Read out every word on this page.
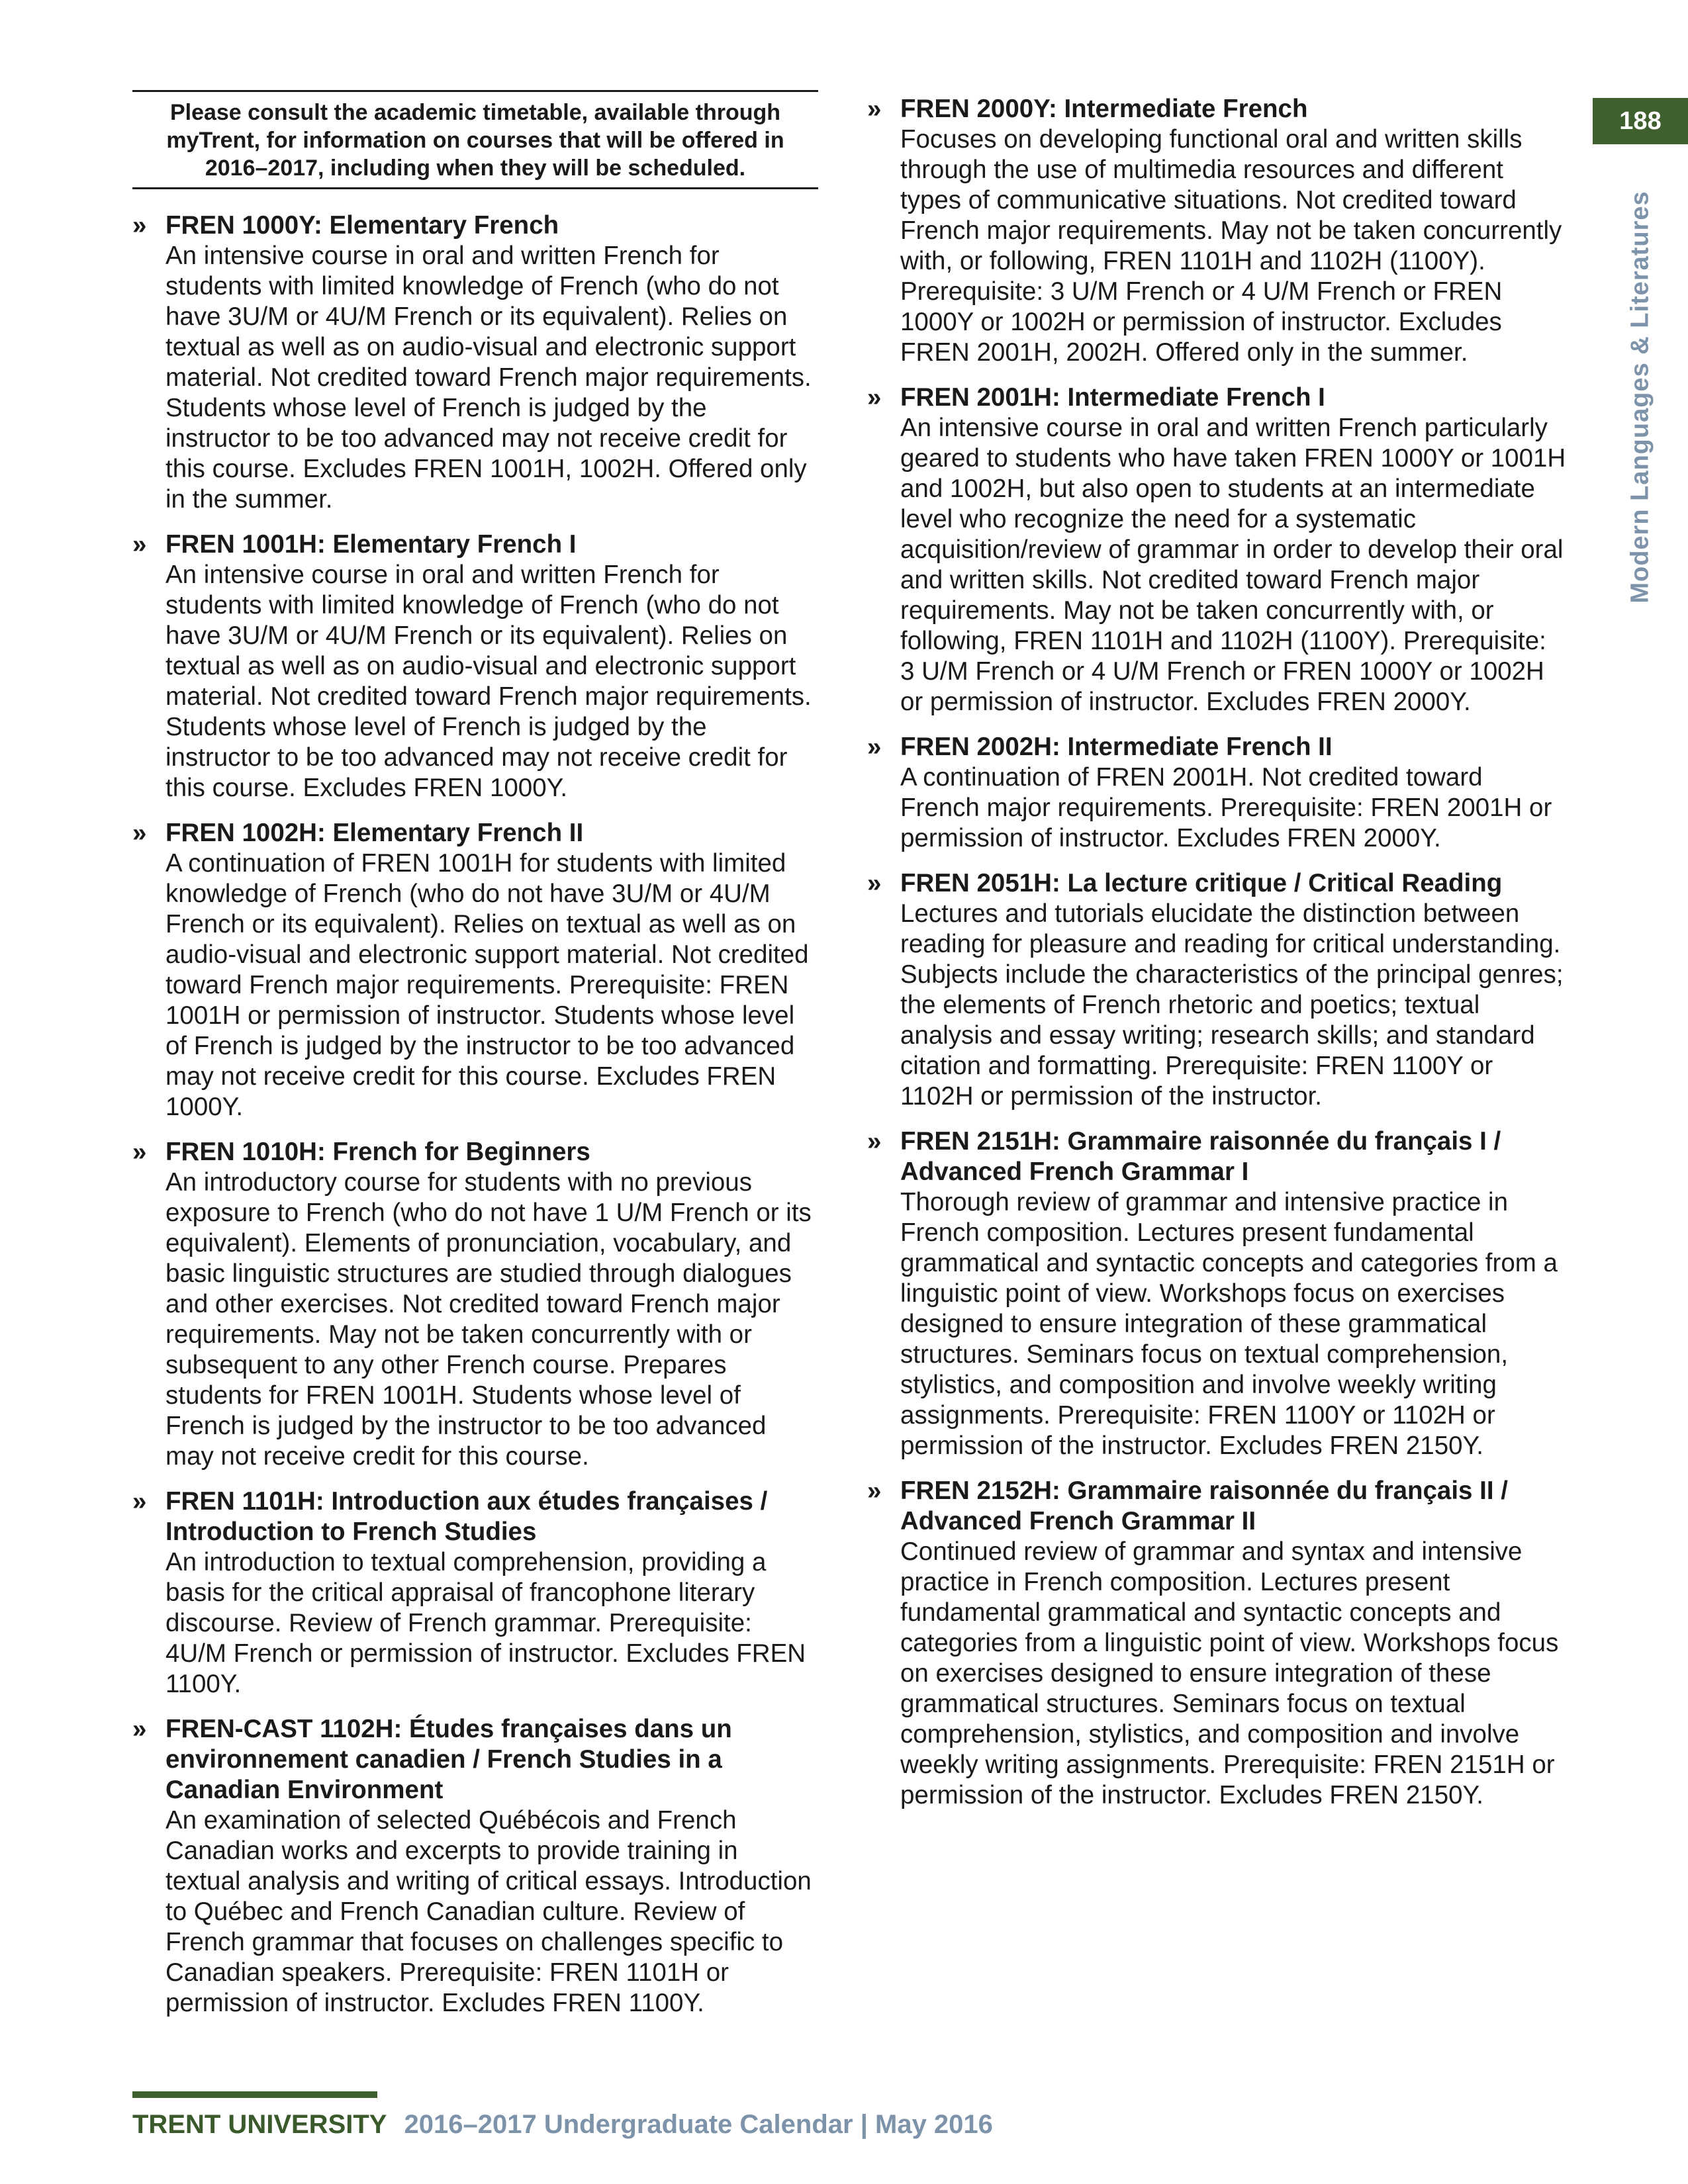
Please consult the academic timetable, available through myTrent, for information on courses that will be offered in 2016–2017, including when they will be scheduled.
188
Modern Languages & Literatures
» FREN 1000Y: Elementary French
An intensive course in oral and written French for students with limited knowledge of French (who do not have 3U/M or 4U/M French or its equivalent). Relies on textual as well as on audio-visual and electronic support material. Not credited toward French major requirements. Students whose level of French is judged by the instructor to be too advanced may not receive credit for this course. Excludes FREN 1001H, 1002H. Offered only in the summer.
» FREN 1001H: Elementary French I
An intensive course in oral and written French for students with limited knowledge of French (who do not have 3U/M or 4U/M French or its equivalent). Relies on textual as well as on audio-visual and electronic support material. Not credited toward French major requirements. Students whose level of French is judged by the instructor to be too advanced may not receive credit for this course. Excludes FREN 1000Y.
» FREN 1002H: Elementary French II
A continuation of FREN 1001H for students with limited knowledge of French (who do not have 3U/M or 4U/M French or its equivalent). Relies on textual as well as on audio-visual and electronic support material. Not credited toward French major requirements. Prerequisite: FREN 1001H or permission of instructor. Students whose level of French is judged by the instructor to be too advanced may not receive credit for this course. Excludes FREN 1000Y.
» FREN 1010H: French for Beginners
An introductory course for students with no previous exposure to French (who do not have 1 U/M French or its equivalent). Elements of pronunciation, vocabulary, and basic linguistic structures are studied through dialogues and other exercises. Not credited toward French major requirements. May not be taken concurrently with or subsequent to any other French course. Prepares students for FREN 1001H. Students whose level of French is judged by the instructor to be too advanced may not receive credit for this course.
» FREN 1101H: Introduction aux études françaises / Introduction to French Studies
An introduction to textual comprehension, providing a basis for the critical appraisal of francophone literary discourse. Review of French grammar. Prerequisite: 4U/M French or permission of instructor. Excludes FREN 1100Y.
» FREN-CAST 1102H: Études françaises dans un environnement canadien / French Studies in a Canadian Environment
An examination of selected Québécois and French Canadian works and excerpts to provide training in textual analysis and writing of critical essays. Introduction to Québec and French Canadian culture. Review of French grammar that focuses on challenges specific to Canadian speakers. Prerequisite: FREN 1101H or permission of instructor. Excludes FREN 1100Y.
» FREN 2000Y: Intermediate French
Focuses on developing functional oral and written skills through the use of multimedia resources and different types of communicative situations. Not credited toward French major requirements. May not be taken concurrently with, or following, FREN 1101H and 1102H (1100Y). Prerequisite: 3 U/M French or 4 U/M French or FREN 1000Y or 1002H or permission of instructor. Excludes FREN 2001H, 2002H. Offered only in the summer.
» FREN 2001H: Intermediate French I
An intensive course in oral and written French particularly geared to students who have taken FREN 1000Y or 1001H and 1002H, but also open to students at an intermediate level who recognize the need for a systematic acquisition/review of grammar in order to develop their oral and written skills. Not credited toward French major requirements. May not be taken concurrently with, or following, FREN 1101H and 1102H (1100Y). Prerequisite: 3 U/M French or 4 U/M French or FREN 1000Y or 1002H or permission of instructor. Excludes FREN 2000Y.
» FREN 2002H: Intermediate French II
A continuation of FREN 2001H. Not credited toward French major requirements. Prerequisite: FREN 2001H or permission of instructor. Excludes FREN 2000Y.
» FREN 2051H: La lecture critique / Critical Reading
Lectures and tutorials elucidate the distinction between reading for pleasure and reading for critical understanding. Subjects include the characteristics of the principal genres; the elements of French rhetoric and poetics; textual analysis and essay writing; research skills; and standard citation and formatting. Prerequisite: FREN 1100Y or 1102H or permission of the instructor.
» FREN 2151H: Grammaire raisonnée du français I / Advanced French Grammar I
Thorough review of grammar and intensive practice in French composition. Lectures present fundamental grammatical and syntactic concepts and categories from a linguistic point of view. Workshops focus on exercises designed to ensure integration of these grammatical structures. Seminars focus on textual comprehension, stylistics, and composition and involve weekly writing assignments. Prerequisite: FREN 1100Y or 1102H or permission of the instructor. Excludes FREN 2150Y.
» FREN 2152H: Grammaire raisonnée du français II / Advanced French Grammar II
Continued review of grammar and syntax and intensive practice in French composition. Lectures present fundamental grammatical and syntactic concepts and categories from a linguistic point of view. Workshops focus on exercises designed to ensure integration of these grammatical structures. Seminars focus on textual comprehension, stylistics, and composition and involve weekly writing assignments. Prerequisite: FREN 2151H or permission of the instructor. Excludes FREN 2150Y.
TRENT UNIVERSITY 2016–2017 Undergraduate Calendar | May 2016
